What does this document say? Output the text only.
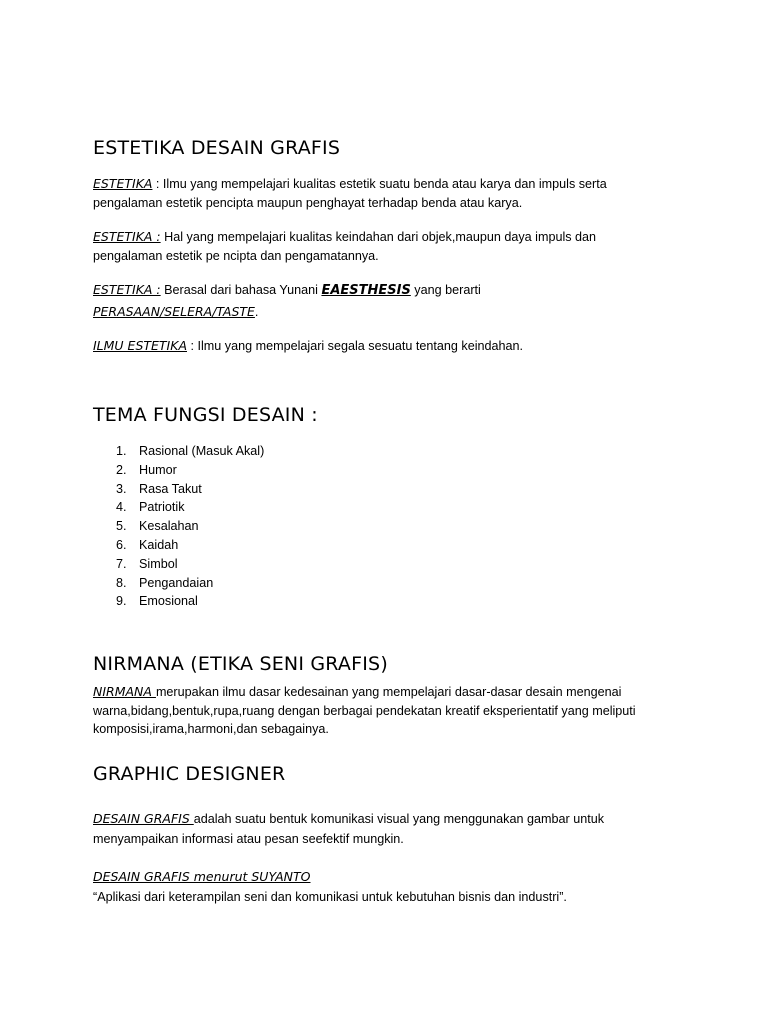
ESTETIKA DESAIN GRAFIS
ESTETIKA : Ilmu yang mempelajari kualitas estetik suatu benda atau karya dan impuls serta
pengalaman estetik pencipta maupun penghayat terhadap benda atau karya.
ESTETIKA : Hal yang mempelajari kualitas keindahan dari objek,maupun daya impuls dan
pengalaman estetik pe ncipta dan pengamatannya.
ESTETIKA : Berasal dari bahasa Yunani EAESTHESIS yang berarti
PERASAAN/SELERA/TASTE.
ILMU ESTETIKA : Ilmu yang mempelajari segala sesuatu tentang keindahan.
TEMA FUNGSI DESAIN :
1. Rasional (Masuk Akal)
2. Humor
3. Rasa Takut
4. Patriotik
5. Kesalahan
6. Kaidah
7. Simbol
8. Pengandaian
9. Emosional
NIRMANA (ETIKA SENI GRAFIS)
NIRMANA merupakan ilmu dasar kedesainan yang mempelajari dasar-dasar desain mengenai
warna,bidang,bentuk,rupa,ruang dengan berbagai pendekatan kreatif eksperientatif yang meliputi
komposisi,irama,harmoni,dan sebagainya.
GRAPHIC DESIGNER
DESAIN GRAFIS adalah suatu bentuk komunikasi visual yang menggunakan gambar untuk
menyampaikan informasi atau pesan seefektif mungkin.
DESAIN GRAFIS menurut SUYANTO
“Aplikasi dari keterampilan seni dan komunikasi untuk kebutuhan bisnis dan industri”.
